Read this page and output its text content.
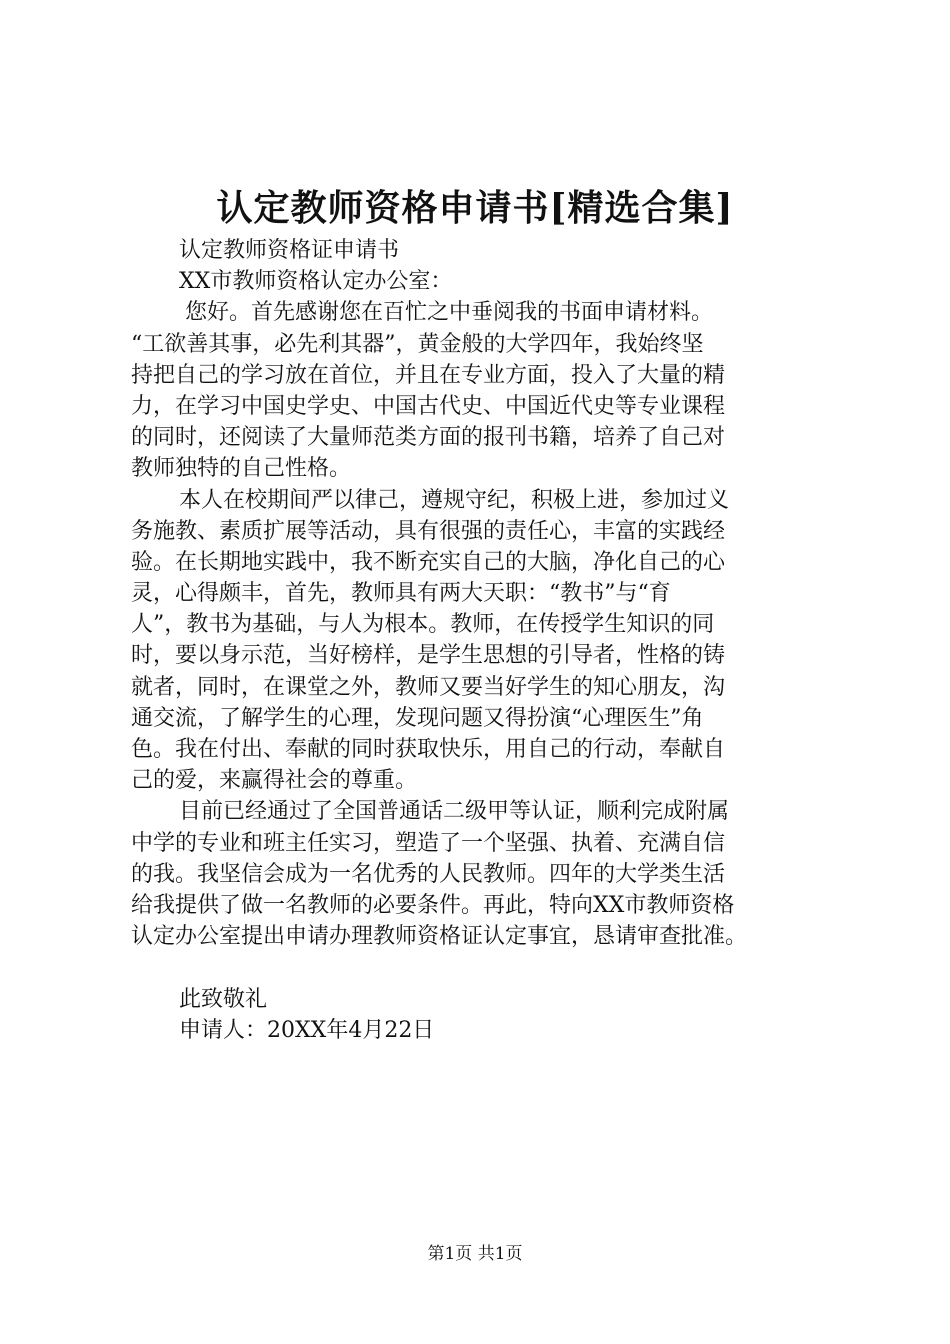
认定教师资格申请书[精选合集]
认定教师资格证申请书
XX市教师资格认定办公室：
您好。首先感谢您在百忙之中垂阅我的书面申请材料。
“工欲善其事，必先利其器”，黄金般的大学四年，我始终坚
持把自己的学习放在首位，并且在专业方面，投入了大量的精
力，在学习中国史学史、中国古代史、中国近代史等专业课程
的同时，还阅读了大量师范类方面的报刊书籍，培养了自己对
教师独特的自己性格。
本人在校期间严以律己，遵规守纪，积极上进，参加过义
务施教、素质扩展等活动，具有很强的责任心，丰富的实践经
验。在长期地实践中，我不断充实自己的大脑，净化自己的心
灵，心得颇丰，首先，教师具有两大天职：“教书”与“育
人”，教书为基础，与人为根本。教师，在传授学生知识的同
时，要以身示范，当好榜样，是学生思想的引导者，性格的铸
就者，同时，在课堂之外，教师又要当好学生的知心朋友，沟
通交流，了解学生的心理，发现问题又得扮演“心理医生”角
色。我在付出、奉献的同时获取快乐，用自己的行动，奉献自
己的爱，来赢得社会的尊重。
目前已经通过了全国普通话二级甲等认证，顺利完成附属
中学的专业和班主任实习，塑造了一个坚强、执着、充满自信
的我。我坚信会成为一名优秀的人民教师。四年的大学类生活
给我提供了做一名教师的必要条件。再此，特向XX市教师资格
认定办公室提出申请办理教师资格证认定事宜，恳请审查批准。
此致敬礼
申请人：20XX年4月22日
第1页 共1页
